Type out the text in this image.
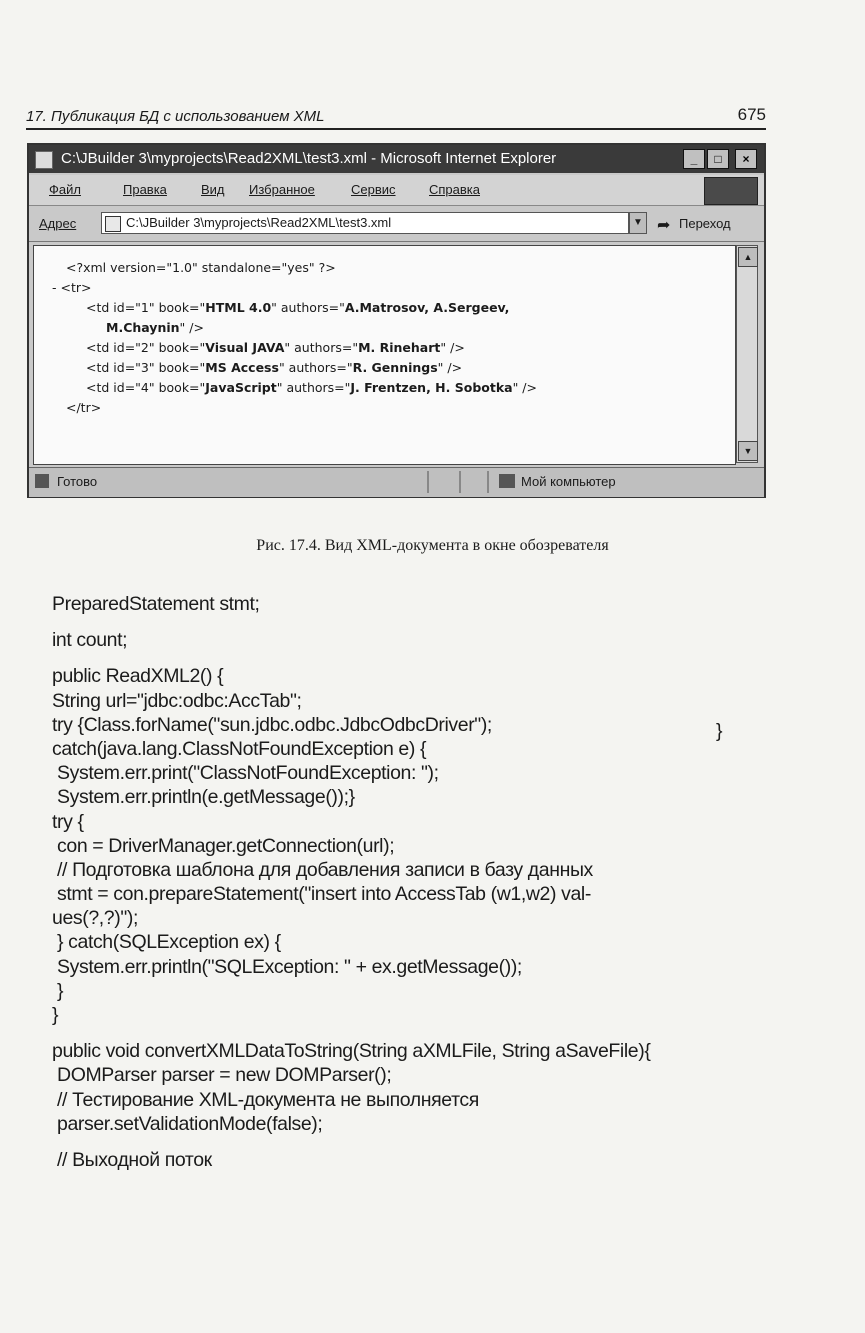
17. Публикация БД с использованием XML	675
C:\JBuilder 3\myprojects\Read2XML\test3.xml - Microsoft Internet Explorer	_	□	×
Файл	Правка	Вид Избранное	Сервис	Справка
Адрес	C:\JBuilder 3\myprojects\Read2XML\test3.xml	▼ ➦ Переход
<?xml version="1.0" standalone="yes" ?>
- <tr>
<td id="1" book="HTML 4.0" authors="A.Matrosov, A.Sergeev,
M.Chaynin" />
<td id="2" book="Visual JAVA" authors="M. Rinehart" />
<td id="3" book="MS Access" authors="R. Gennings" />
<td id="4" book="JavaScript" authors="J. Frentzen, H. Sobotka" />
</tr>
▲
▼
Готово	Мой компьютер
Рис. 17.4. Вид XML-документа в окне обозревателя
PreparedStatement stmt;
int count;
public ReadXML2() {
String url="jdbc:odbc:AccTab";
try {Class.forName("sun.jdbc.odbc.JdbcOdbcDriver");
catch(java.lang.ClassNotFoundException e) {
System.err.print("ClassNotFoundException: ");
System.err.println(e.getMessage());}
try {
con = DriverManager.getConnection(url);
// Подготовка шаблона для добавления записи в базу данных
stmt = con.prepareStatement("insert into AccessTab (w1,w2) val-
ues(?,?)");
} catch(SQLException ex) {
System.err.println("SQLException: " + ex.getMessage());
}
}
public void convertXMLDataToString(String aXMLFile, String aSaveFile){
DOMParser parser = new DOMParser();
// Тестирование XML-документа не выполняется
parser.setValidationMode(false);
// Выходной поток
}
